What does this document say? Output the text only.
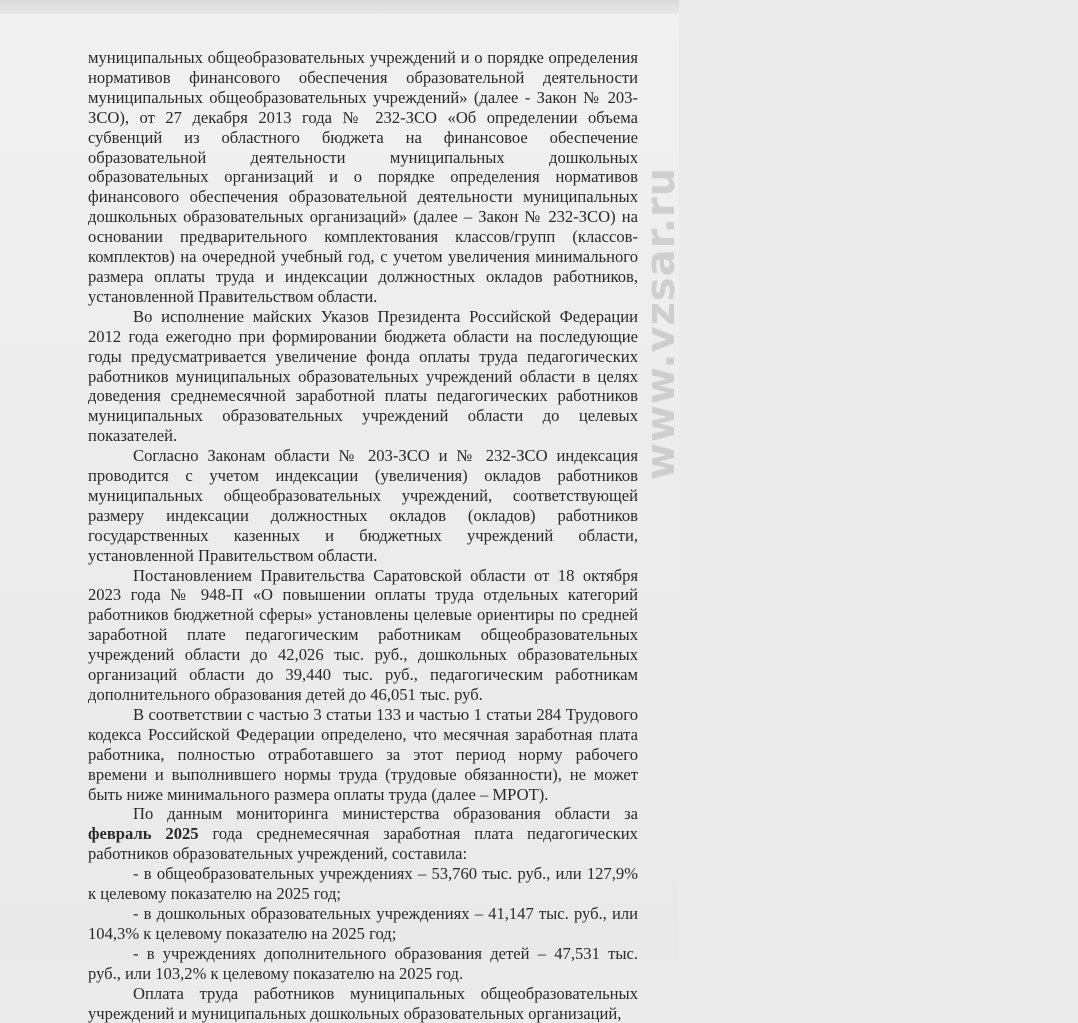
муниципальных общеобразовательных учреждений и о порядке определения нормативов финансового обеспечения образовательной деятельности муниципальных общеобразовательных учреждений» (далее - Закон № 203-ЗСО), от 27 декабря 2013 года № 232-ЗСО «Об определении объема субвенций из областного бюджета на финансовое обеспечение образовательной деятельности муниципальных дошкольных образовательных организаций и о порядке определения нормативов финансового обеспечения образовательной деятельности муниципальных дошкольных образовательных организаций» (далее – Закон № 232-ЗСО) на основании предварительного комплектования классов/групп (классов-комплектов) на очередной учебный год, с учетом увеличения минимального размера оплаты труда и индексации должностных окладов работников, установленной Правительством области.

Во исполнение майских Указов Президента Российской Федерации 2012 года ежегодно при формировании бюджета области на последующие годы предусматривается увеличение фонда оплаты труда педагогических работников муниципальных образовательных учреждений области в целях доведения среднемесячной заработной платы педагогических работников муниципальных образовательных учреждений области до целевых показателей.

Согласно Законам области № 203-ЗСО и № 232-ЗСО индексация проводится с учетом индексации (увеличения) окладов работников муниципальных общеобразовательных учреждений, соответствующей размеру индексации должностных окладов (окладов) работников государственных казенных и бюджетных учреждений области, установленной Правительством области.

Постановлением Правительства Саратовской области от 18 октября 2023 года № 948-П «О повышении оплаты труда отдельных категорий работников бюджетной сферы» установлены целевые ориентиры по средней заработной плате педагогическим работникам общеобразовательных учреждений области до 42,026 тыс. руб., дошкольных образовательных организаций области до 39,440 тыс. руб., педагогическим работникам дополнительного образования детей до 46,051 тыс. руб.

В соответствии с частью 3 статьи 133 и частью 1 статьи 284 Трудового кодекса Российской Федерации определено, что месячная заработная плата работника, полностью отработавшего за этот период норму рабочего времени и выполнившего нормы труда (трудовые обязанности), не может быть ниже минимального размера оплаты труда (далее – МРОТ).

По данным мониторинга министерства образования области за февраль 2025 года среднемесячная заработная плата педагогических работников образовательных учреждений, составила:

- в общеобразовательных учреждениях – 53,760 тыс. руб., или 127,9% к целевому показателю на 2025 год;

- в дошкольных образовательных учреждениях – 41,147 тыс. руб., или 104,3% к целевому показателю на 2025 год;

- в учреждениях дополнительного образования детей – 47,531 тыс. руб., или 103,2% к целевому показателю на 2025 год.

Оплата труда работников муниципальных общеобразовательных учреждений и муниципальных дошкольных образовательных организаций,

www.vzsar.ru
